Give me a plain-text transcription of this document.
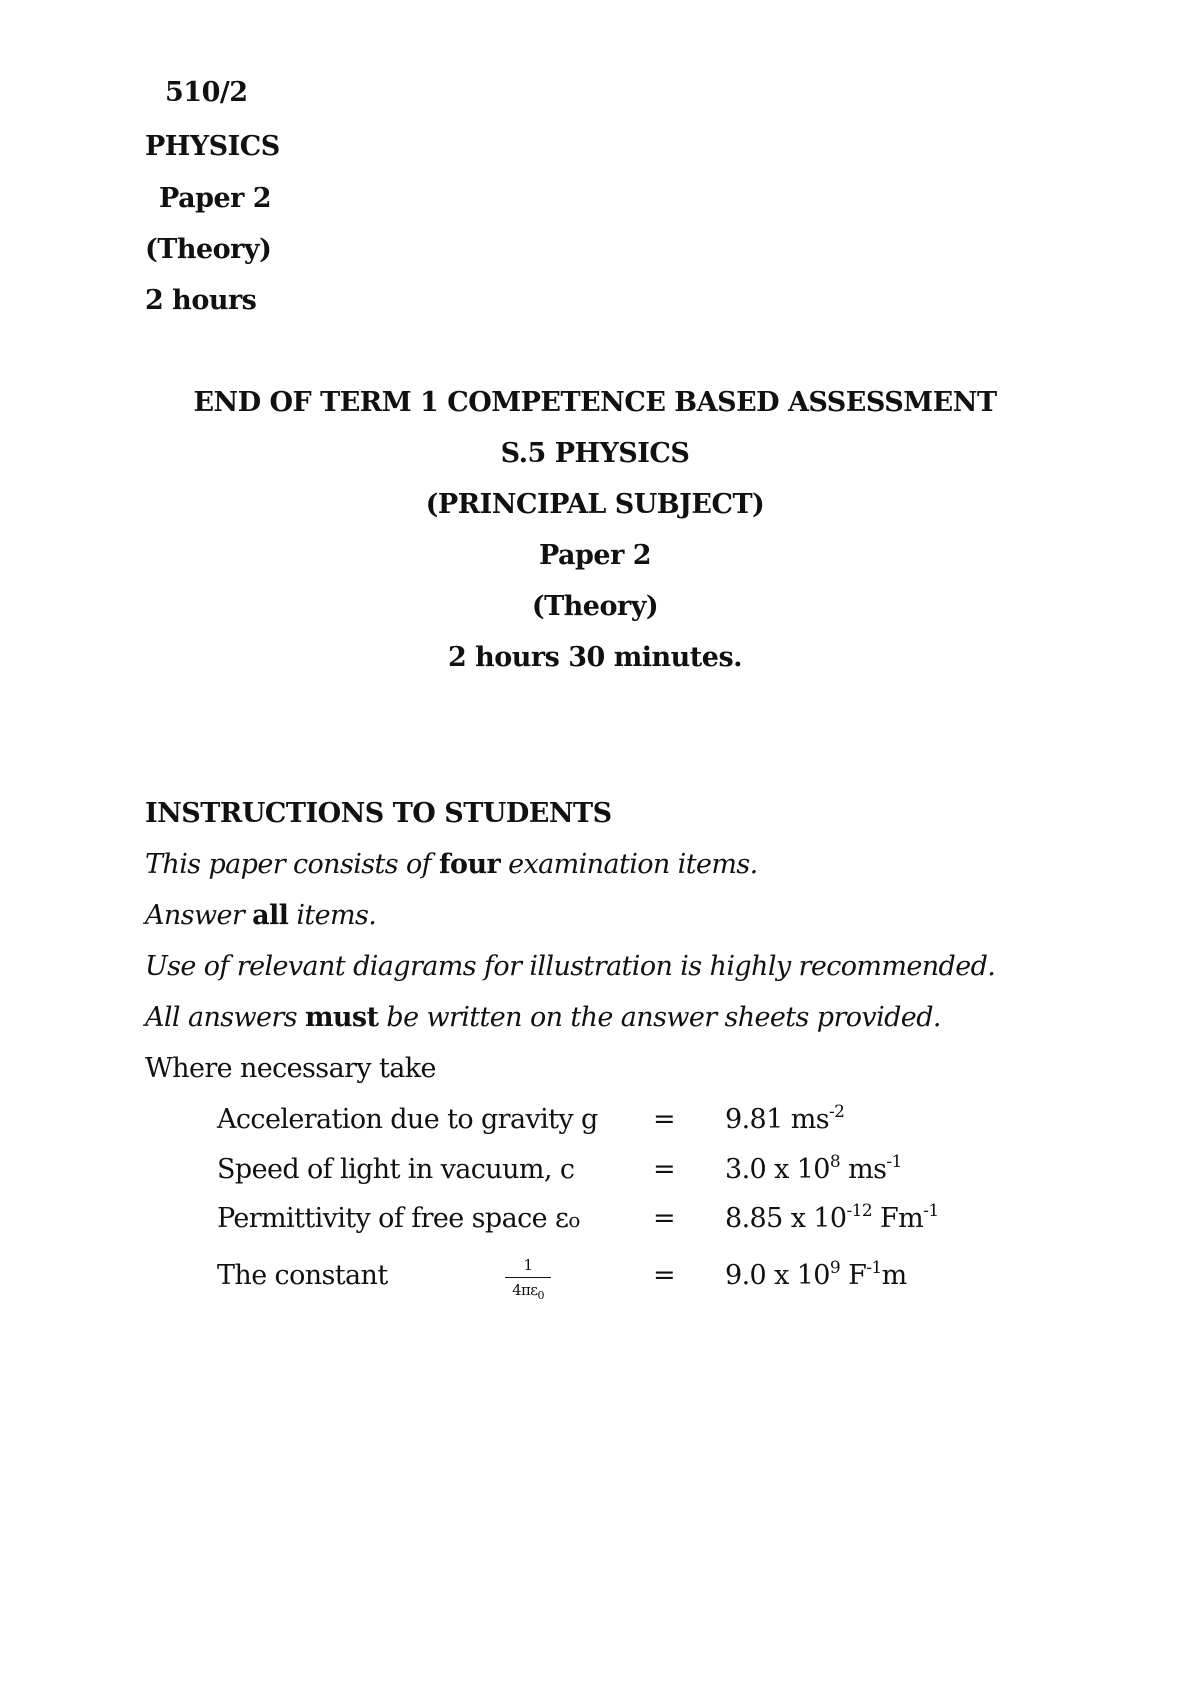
510/2
PHYSICS
Paper 2
(Theory)
2 hours
END OF TERM 1 COMPETENCE BASED ASSESSMENT
S.5 PHYSICS
(PRINCIPAL SUBJECT)
Paper 2
(Theory)
2 hours 30 minutes.
INSTRUCTIONS TO STUDENTS
This paper consists of four examination items.
Answer all items.
Use of relevant diagrams for illustration is highly recommended.
All answers must be written on the answer sheets provided.
Where necessary take
Acceleration due to gravity g = 9.81 $ms^{-2}$
Speed of light in vacuum, c	= 3.0 x $10^8$ $ms^{-1}$
Permittivity of free space εo	= 8.85 x $10^{-12}$ $Fm^{-1}$
The constant	$\frac{1}{4\pi\varepsilon_0}$	= 9.0 x $10^9$ $F^{-1}m$
